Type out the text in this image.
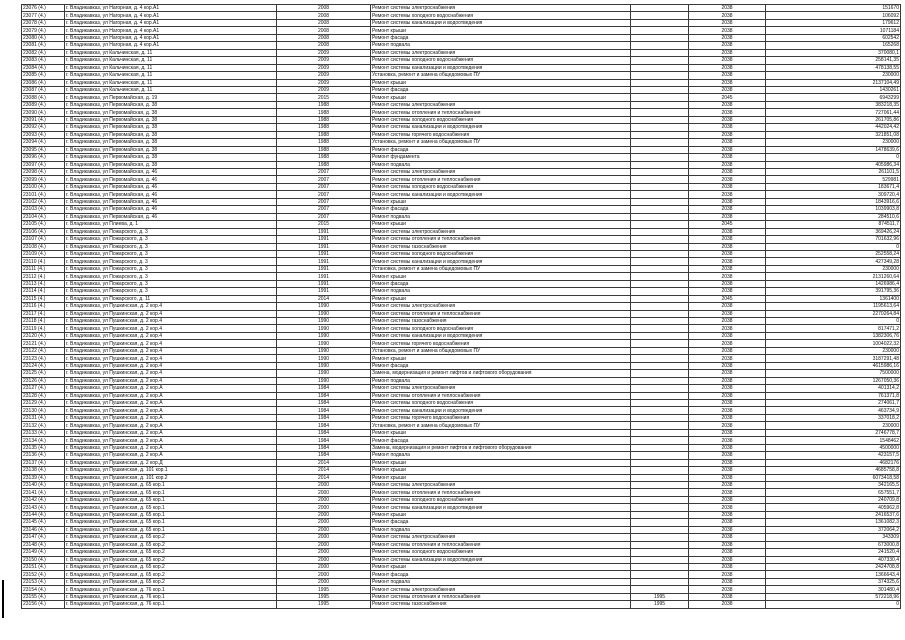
23076 (4.)	г. Владикавказ, ул Нагорная, д. 4 кор.А1	2008	Ремонт системы электроснабжения		2038	151670
23077 (4.)	г. Владикавказ, ул Нагорная, д. 4 кор.А1	2008	Ремонт системы холодного водоснабжения		2038	106092
23078 (4.)	г. Владикавказ, ул Нагорная, д. 4 кор.А1	2008	Ремонт системы канализации и водоотведения		2038	179612
23079 (4.)	г. Владикавказ, ул Нагорная, д. 4 кор.А1	2008	Ремонт крыши		2038	1071184
23080 (4.)	г. Владикавказ, ул Нагорная, д. 4 кор.А1	2008	Ремонт фасада		2038	602542
23081 (4.)	г. Владикавказ, ул Нагорная, д. 4 кор.А1	2008	Ремонт подвала		2038	165268
23082 (4.)	г. Владикавказ, ул Кальчинская, д. 11	2009	Ремонт системы электроснабжения		2038	370080,1
23083 (4.)	г. Владикавказ, ул Кальчинская, д. 11	2009	Ремонт системы холодного водоснабжения		2038	258141,35
23084 (4.)	г. Владикавказ, ул Кальчинская, д. 11	2009	Ремонт системы канализации и водоотведения		2038	478138,55
23085 (4.)	г. Владикавказ, ул Кальчинская, д. 11	2009	Установка, ремонт и замена общедомовых ПУ		2038	230000
23086 (4.)	г. Владикавказ, ул Кальчинская, д. 11	2009	Ремонт крыши		2038	2137104,49
23087 (4.)	г. Владикавказ, ул Кальчинская, д. 11	2009	Ремонт фасада		2038	1430261
23088 (4.)	г. Владикавказ, ул Первомайская, д. 19	2015	Ремонт крыши		2045	6943299
23089 (4.)	г. Владикавказ, ул Первомайская, д. 38	1988	Ремонт системы электроснабжения		2038	383218,35
23090 (4.)	г. Владикавказ, ул Первомайская, д. 38	1988	Ремонт системы отопления и теплоснабжения		2038	727061,44
23091 (4.)	г. Владикавказ, ул Первомайская, д. 38	1988	Ремонт системы холодного водоснабжения		2038	261705,86
23092 (4.)	г. Владикавказ, ул Первомайская, д. 38	1988	Ремонт системы канализации и водоотведения		2038	442024,42
23093 (4.)	г. Владикавказ, ул Первомайская, д. 38	1988	Ремонт системы горячего водоснабжения		2038	321851,08
23094 (4.)	г. Владикавказ, ул Первомайская, д. 38	1988	Установка, ремонт и замена общедомовых ПУ		2038	230000
23095 (4.)	г. Владикавказ, ул Первомайская, д. 38	1988	Ремонт фасада		2038	1478639,6
23096 (4.)	г. Владикавказ, ул Первомайская, д. 38	1988	Ремонт фундамента		2038	0
23097 (4.)	г. Владикавказ, ул Первомайская, д. 38	1988	Ремонт подвала		2038	405986,34
23098 (4.)	г. Владикавказ, ул Первомайская, д. 46	2007	Ремонт системы электроснабжения		2038	261101,5
23099 (4.)	г. Владикавказ, ул Первомайская, д. 46	2007	Ремонт системы отопления и теплоснабжения		2038	529981
23100 (4.)	г. Владикавказ, ул Первомайская, д. 46	2007	Ремонт системы холодного водоснабжения		2038	183671,4
23101 (4.)	г. Владикавказ, ул Первомайская, д. 46	2007	Ремонт системы канализации и водоотведения		2038	309720,4
23102 (4.)	г. Владикавказ, ул Первомайская, д. 46	2007	Ремонт крыши		2038	1843916,6
23103 (4.)	г. Владикавказ, ул Первомайская, д. 46	2007	Ремонт фасада		2038	1039903,8
23104 (4.)	г. Владикавказ, ул Первомайская, д. 46	2007	Ремонт подвала		2038	284510,6
23105 (4.)	г. Владикавказ, ул Плиева, д. 1	2015	Ремонт крыши		2045	874511,7
23106 (4.)	г. Владикавказ, ул Пожарского, д. 3	1991	Ремонт системы электроснабжения		2038	369426,24
23107 (4.)	г. Владикавказ, ул Пожарского, д. 3	1991	Ремонт системы отопления и теплоснабжения		2038	701632,96
23108 (4.)	г. Владикавказ, ул Пожарского, д. 3	1991	Ремонт системы газоснабжения		2038	0
23109 (4.)	г. Владикавказ, ул Пожарского, д. 3	1991	Ремонт системы холодного водоснабжения		2038	252558,24
23110 (4.)	г. Владикавказ, ул Пожарского, д. 3	1991	Ремонт системы канализации и водоотведения		2038	427349,28
23111 (4.)	г. Владикавказ, ул Пожарского, д. 3	1991	Установка, ремонт и замена общедомовых ПУ		2038	230000
23112 (4.)	г. Владикавказ, ул Пожарского, д. 3	1991	Ремонт крыши		2038	2131260,64
23113 (4.)	г. Владикавказ, ул Пожарского, д. 3	1991	Ремонт фасада		2038	1426986,4
23114 (4.)	г. Владикавказ, ул Пожарского, д. 3	1991	Ремонт подвала		2038	391795,36
23115 (4.)	г. Владикавказ, ул Пожарского, д. 11	2014	Ремонт крыши		2045	1361400
23116 (4.)	г. Владикавказ, ул Пушкинская, д. 2 кор.4	1990	Ремонт системы электроснабжения		2038	1195613,64
23117 (4.)	г. Владикавказ, ул Пушкинская, д. 2 кор.4	1990	Ремонт системы отопления и теплоснабжения		2038	2270264,84
23118 (4.)	г. Владикавказ, ул Пушкинская, д. 2 кор.4	1990	Ремонт системы газоснабжения		2038	0
23119 (4.)	г. Владикавказ, ул Пушкинская, д. 2 кор.4	1990	Ремонт системы холодного водоснабжения		2038	817471,2
23120 (4.)	г. Владикавказ, ул Пушкинская, д. 2 кор.4	1990	Ремонт системы канализации и водоотведения		2038	1382306,76
23121 (4.)	г. Владикавказ, ул Пушкинская, д. 2 кор.4	1990	Ремонт системы горячего водоснабжения		2038	1004022,32
23122 (4.)	г. Владикавказ, ул Пушкинская, д. 2 кор.4	1990	Установка, ремонт и замена общедомовых ПУ		2038	230000
23123 (4.)	г. Владикавказ, ул Пушкинская, д. 2 кор.4	1990	Ремонт крыши		2038	3187291,48
23124 (4.)	г. Владикавказ, ул Пушкинская, д. 2 кор.4	1990	Ремонт фасада		2038	4615986,16
23125 (4.)	г. Владикавказ, ул Пушкинская, д. 2 кор.4	1990	Замена, модернизация и ремонт лифтов и лифтового оборудования		2038	7500000
23126 (4.)	г. Владикавказ, ул Пушкинская, д. 2 кор.4	1990	Ремонт подвала		2038	1267050,36
23127 (4.)	г. Владикавказ, ул Пушкинская, д. 2 кор.А	1984	Ремонт системы электроснабжения		2038	401314,2
23128 (4.)	г. Владикавказ, ул Пушкинская, д. 2 кор.А	1984	Ремонт системы отопления и теплоснабжения		2038	761371,8
23129 (4.)	г. Владикавказ, ул Пушкинская, д. 2 кор.А	1984	Ремонт системы холодного водоснабжения		2038	274061,7
23130 (4.)	г. Владикавказ, ул Пушкинская, д. 2 кор.А	1984	Ремонт системы канализации и водоотведения		2038	463734,9
23131 (4.)	г. Владикавказ, ул Пушкинская, д. 2 кор.А	1984	Ремонт системы горячего водоснабжения		2038	337018,2
23132 (4.)	г. Владикавказ, ул Пушкинская, д. 2 кор.А	1984	Установка, ремонт и замена общедомовых ПУ		2038	230000
23133 (4.)	г. Владикавказ, ул Пушкинская, д. 2 кор.А	1984	Ремонт крыши		2038	2746778,7
23134 (4.)	г. Владикавказ, ул Пушкинская, д. 2 кор.А	1984	Ремонт фасада		2038	1548462
23135 (4.)	г. Владикавказ, ул Пушкинская, д. 2 кор.А	1984	Замена, модернизация и ремонт лифтов и лифтового оборудования		2038	4500000
23136 (4.)	г. Владикавказ, ул Пушкинская, д. 2 кор.А	1984	Ремонт подвала		2038	423157,5
23137 (4.)	г. Владикавказ, ул Пушкинская, д. 2 кор.Д	2014	Ремонт крыши		2038	4682176
23138 (4.)	г. Владикавказ, ул Пушкинская, д. 101 кор.1	2014	Ремонт крыши		2038	4685758,8
23139 (4.)	г. Владикавказ, ул Пушкинская, д. 101 кор.2	2014	Ремонт крыши		2038	6073418,58
23140 (4.)	г. Владикавказ, ул Пушкинская, д. 65 кор.1	2000	Ремонт системы электроснабжения		2038	342165,5
23141 (4.)	г. Владикавказ, ул Пушкинская, д. 65 кор.1	2000	Ремонт системы отопления и теплоснабжения		2038	657551,7
23142 (4.)	г. Владикавказ, ул Пушкинская, д. 65 кор.1	2000	Ремонт системы холодного водоснабжения		2038	240709,8
23143 (4.)	г. Владикавказ, ул Пушкинская, д. 65 кор.1	2000	Ремонт системы канализации и водоотведения		2038	405962,8
23144 (4.)	г. Владикавказ, ул Пушкинская, д. 65 кор.1	2000	Ремонт крыши		2038	2416537,6
23145 (4.)	г. Владикавказ, ул Пушкинская, д. 65 кор.1	2000	Ремонт фасада		2038	1361082,3
23146 (4.)	г. Владикавказ, ул Пушкинская, д. 65 кор.1	2000	Ремонт подвала		2038	372064,2
23147 (4.)	г. Владикавказ, ул Пушкинская, д. 65 кор.2	2000	Ремонт системы электроснабжения		2038	343309
23148 (4.)	г. Владикавказ, ул Пушкинская, д. 65 кор.2	2000	Ремонт системы отопления и теплоснабжения		2038	673000,8
23149 (4.)	г. Владикавказ, ул Пушкинская, д. 65 кор.2	2000	Ремонт системы холодного водоснабжения		2038	241520,4
23150 (4.)	г. Владикавказ, ул Пушкинская, д. 65 кор.2	2000	Ремонт системы канализации и водоотведения		2038	407330,4
23151 (4.)	г. Владикавказ, ул Пушкинская, д. 65 кор.2	2000	Ремонт крыши		2038	2424708,8
23152 (4.)	г. Владикавказ, ул Пушкинская, д. 65 кор.2	2000	Ремонт фасада		2038	1366643,4
23153 (4.)	г. Владикавказ, ул Пушкинская, д. 65 кор.2	2000	Ремонт подвала		2038	374325,6
23154 (4.)	г. Владикавказ, ул Пушкинская, д. 76 кор.1	1995	Ремонт системы электроснабжения		2038	301480,4
23155 (4.)	г. Владикавказ, ул Пушкинская, д. 76 кор.1	1995	Ремонт системы отопления и теплоснабжения	1995	2038	572218,96
23156 (4.)	г. Владикавказ, ул Пушкинская, д. 76 кор.1	1995	Ремонт системы газоснабжения	1995	2038	0
